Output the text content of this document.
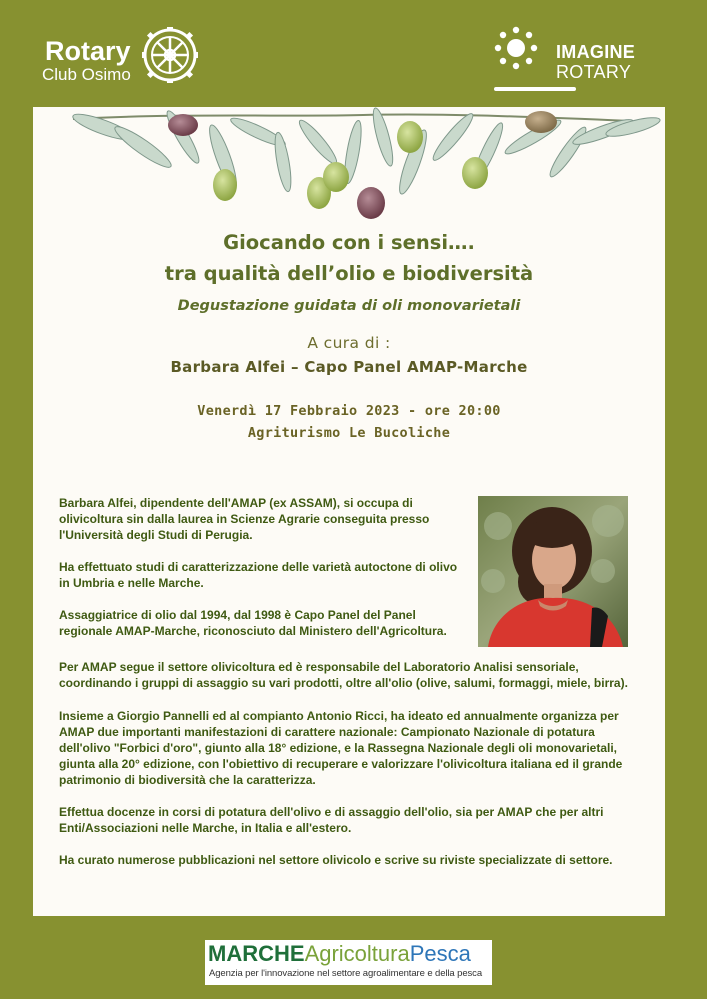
Rotary
Club Osimo
IMAGINE
ROTARY
Giocando con i sensi….
tra qualità dell’olio e biodiversità
Degustazione guidata di oli monovarietali
A cura di :
Barbara Alfei – Capo Panel AMAP-Marche
Venerdì 17 Febbraio 2023 - ore 20:00
Agriturismo Le Bucoliche

Barbara Alfei, dipendente dell'AMAP (ex ASSAM), si occupa di olivicoltura sin dalla laurea in Scienze Agrarie conseguita presso l'Università degli Studi di Perugia.

Ha effettuato studi di caratterizzazione delle varietà autoctone di olivo in Umbria e nelle Marche.

Assaggiatrice di olio dal 1994, dal 1998 è Capo Panel del Panel regionale AMAP-Marche, riconosciuto dal Ministero dell'Agricoltura.

Per AMAP segue il settore olivicoltura ed è responsabile del Laboratorio Analisi sensoriale, coordinando i gruppi di assaggio su vari prodotti, oltre all'olio (olive, salumi, formaggi, miele, birra).

Insieme a Giorgio Pannelli ed al compianto Antonio Ricci, ha ideato ed annualmente organizza per AMAP due importanti manifestazioni di carattere nazionale: Campionato Nazionale di potatura dell'olivo "Forbici d'oro", giunto alla 18° edizione, e la Rassegna Nazionale degli oli monovarietali, giunta alla 20° edizione, con l'obiettivo di recuperare e valorizzare l'olivicoltura italiana ed il grande patrimonio di biodiversità che la caratterizza.

Effettua docenze in corsi di potatura dell'olivo e di assaggio dell'olio, sia per AMAP che per altri Enti/Associazioni nelle Marche, in Italia e all'estero.

Ha curato numerose pubblicazioni nel settore olivicolo e scrive su riviste specializzate di settore.

MARCHEAgricolturaPesca
Agenzia per l'innovazione nel settore agroalimentare e della pesca
